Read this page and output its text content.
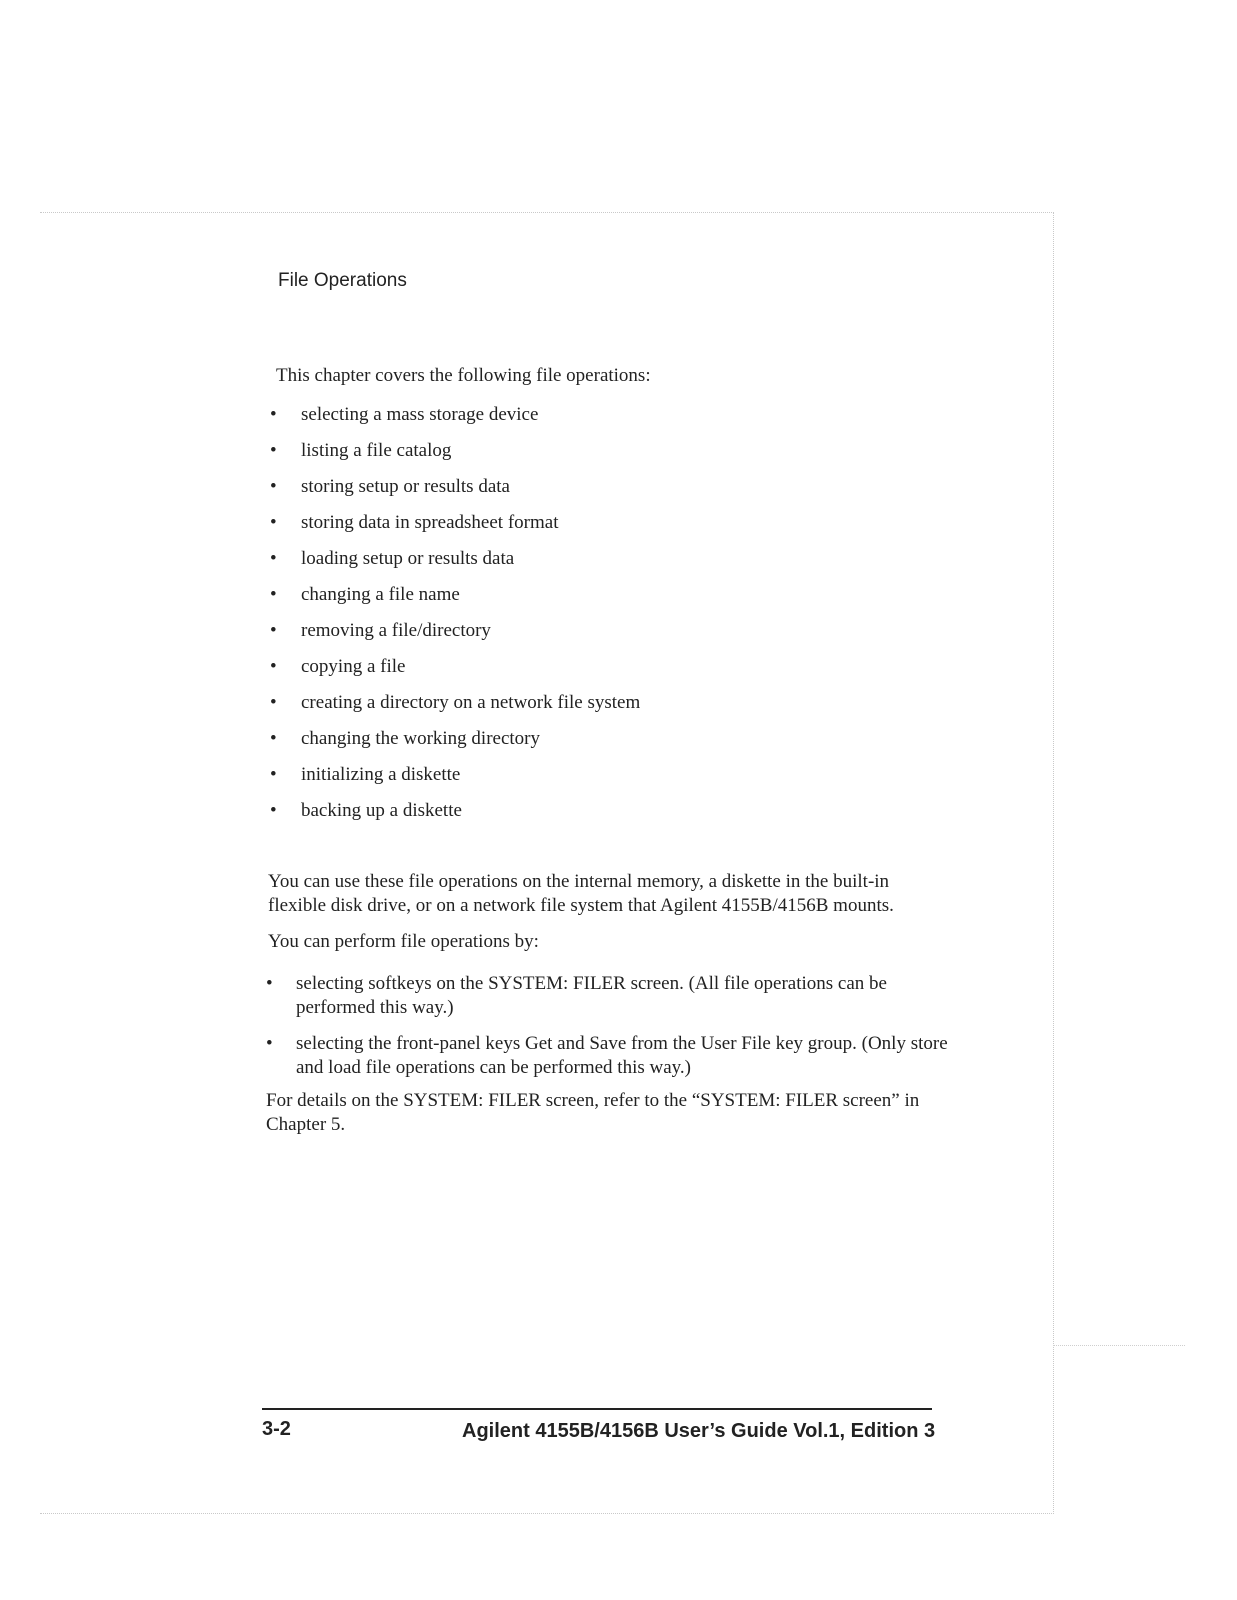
File Operations
This chapter covers the following file operations:
• selecting a mass storage device
• listing a file catalog
• storing setup or results data
• storing data in spreadsheet format
• loading setup or results data
• changing a file name
• removing a file/directory
• copying a file
• creating a directory on a network file system
• changing the working directory
• initializing a diskette
• backing up a diskette

You can use these file operations on the internal memory, a diskette in the built-in flexible disk drive, or on a network file system that Agilent 4155B/4156B mounts.

You can perform file operations by:

• selecting softkeys on the SYSTEM: FILER screen. (All file operations can be performed this way.)
• selecting the front-panel keys Get and Save from the User File key group. (Only store and load file operations can be performed this way.)

For details on the SYSTEM: FILER screen, refer to the “SYSTEM: FILER screen” in Chapter 5.

3-2	Agilent 4155B/4156B User’s Guide Vol.1, Edition 3
